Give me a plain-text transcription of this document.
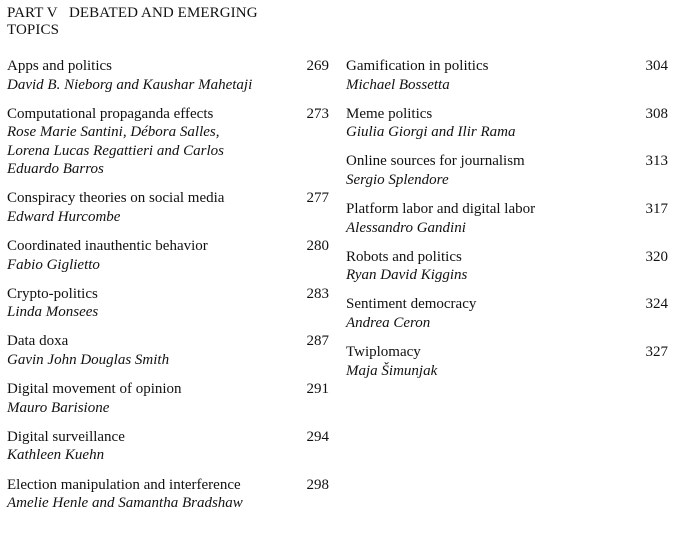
PART V   DEBATED AND EMERGING TOPICS
269
Apps and politics
David B. Nieborg and Kaushar Mahetaji
273
Computational propaganda effects
Rose Marie Santini, Débora Salles, Lorena Lucas Regattieri and Carlos Eduardo Barros
277
Conspiracy theories on social media
Edward Hurcombe
280
Coordinated inauthentic behavior
Fabio Giglietto
283
Crypto-politics
Linda Monsees
287
Data doxa
Gavin John Douglas Smith
291
Digital movement of opinion
Mauro Barisione
294
Digital surveillance
Kathleen Kuehn
298
Election manipulation and interference
Amelie Henle and Samantha Bradshaw
304
Gamification in politics
Michael Bossetta
308
Meme politics
Giulia Giorgi and Ilir Rama
313
Online sources for journalism
Sergio Splendore
317
Platform labor and digital labor
Alessandro Gandini
320
Robots and politics
Ryan David Kiggins
324
Sentiment democracy
Andrea Ceron
327
Twiplomacy
Maja Šimunjak
